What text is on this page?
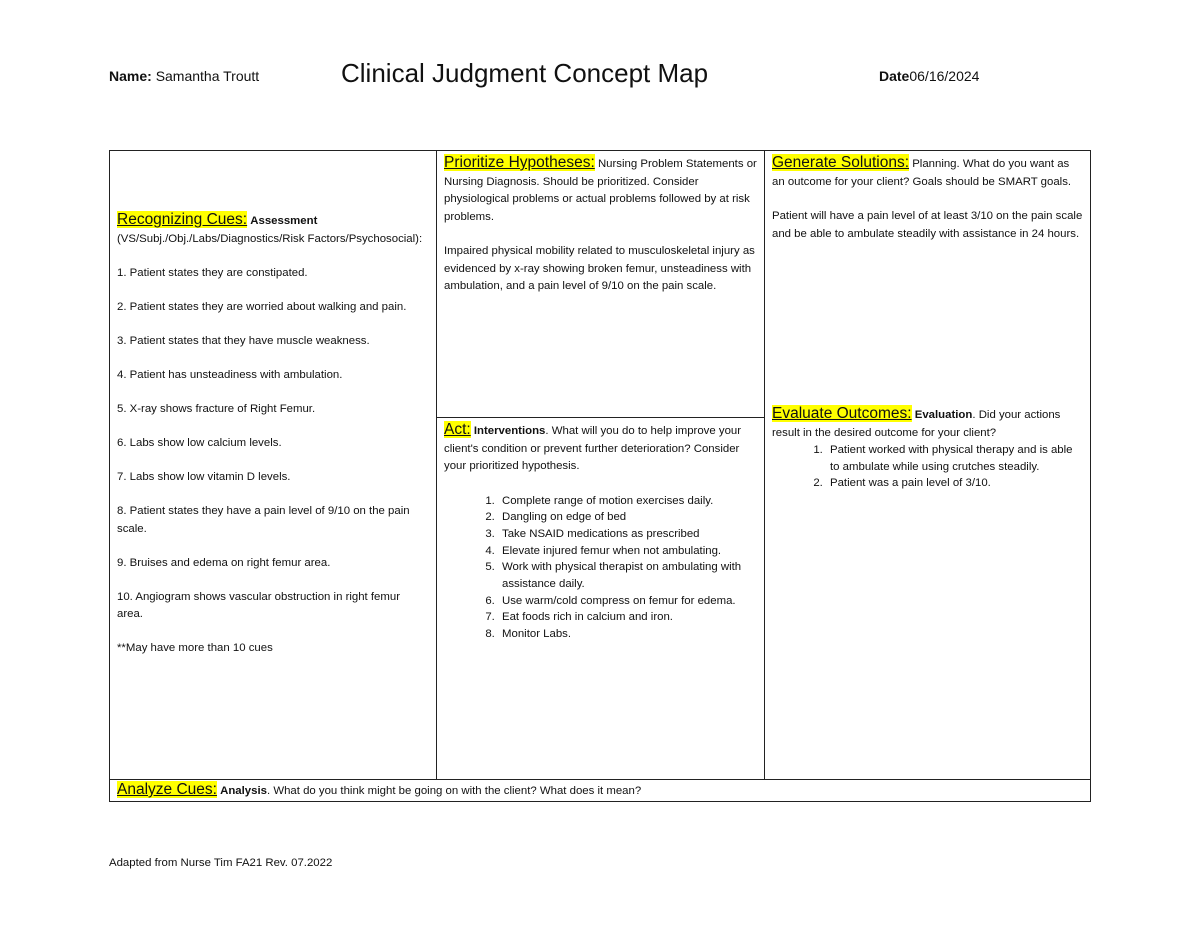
Name: Samantha Troutt	Clinical Judgment Concept Map	Date06/16/2024
Recognizing Cues: Assessment

(VS/Subj./Obj./Labs/Diagnostics/Risk Factors/Psychosocial):

1. Patient states they are constipated.

2. Patient states they are worried about walking and pain.

3. Patient states that they have muscle weakness.

4. Patient has unsteadiness with ambulation.

5. X-ray shows fracture of Right Femur.

6. Labs show low calcium levels.

7. Labs show low vitamin D levels.

8. Patient states they have a pain level of 9/10 on the pain scale.

9. Bruises and edema on right femur area.

10. Angiogram shows vascular obstruction in right femur area.

**May have more than 10 cues

Prioritize Hypotheses: Nursing Problem Statements or Nursing Diagnosis. Should be prioritized. Consider physiological problems or actual problems followed by at risk problems.

Impaired physical mobility related to musculoskeletal injury as evidenced by x-ray showing broken femur, unsteadiness with ambulation, and a pain level of 9/10 on the pain scale.

Act: Interventions. What will you do to help improve your client's condition or prevent further deterioration? Consider your prioritized hypothesis.

1. Complete range of motion exercises daily.
2. Dangling on edge of bed
3. Take NSAID medications as prescribed
4. Elevate injured femur when not ambulating.
5. Work with physical therapist on ambulating with assistance daily.
6. Use warm/cold compress on femur for edema.
7. Eat foods rich in calcium and iron.
8. Monitor Labs.

Generate Solutions: Planning. What do you want as an outcome for your client? Goals should be SMART goals.

Patient will have a pain level of at least 3/10 on the pain scale and be able to ambulate steadily with assistance in 24 hours.

Evaluate Outcomes: Evaluation. Did your actions result in the desired outcome for your client?

1. Patient worked with physical therapy and is able to ambulate while using crutches steadily.
2. Patient was a pain level of 3/10.
Analyze Cues: Analysis. What do you think might be going on with the client? What does it mean?
Adapted from Nurse Tim FA21 Rev. 07.2022
